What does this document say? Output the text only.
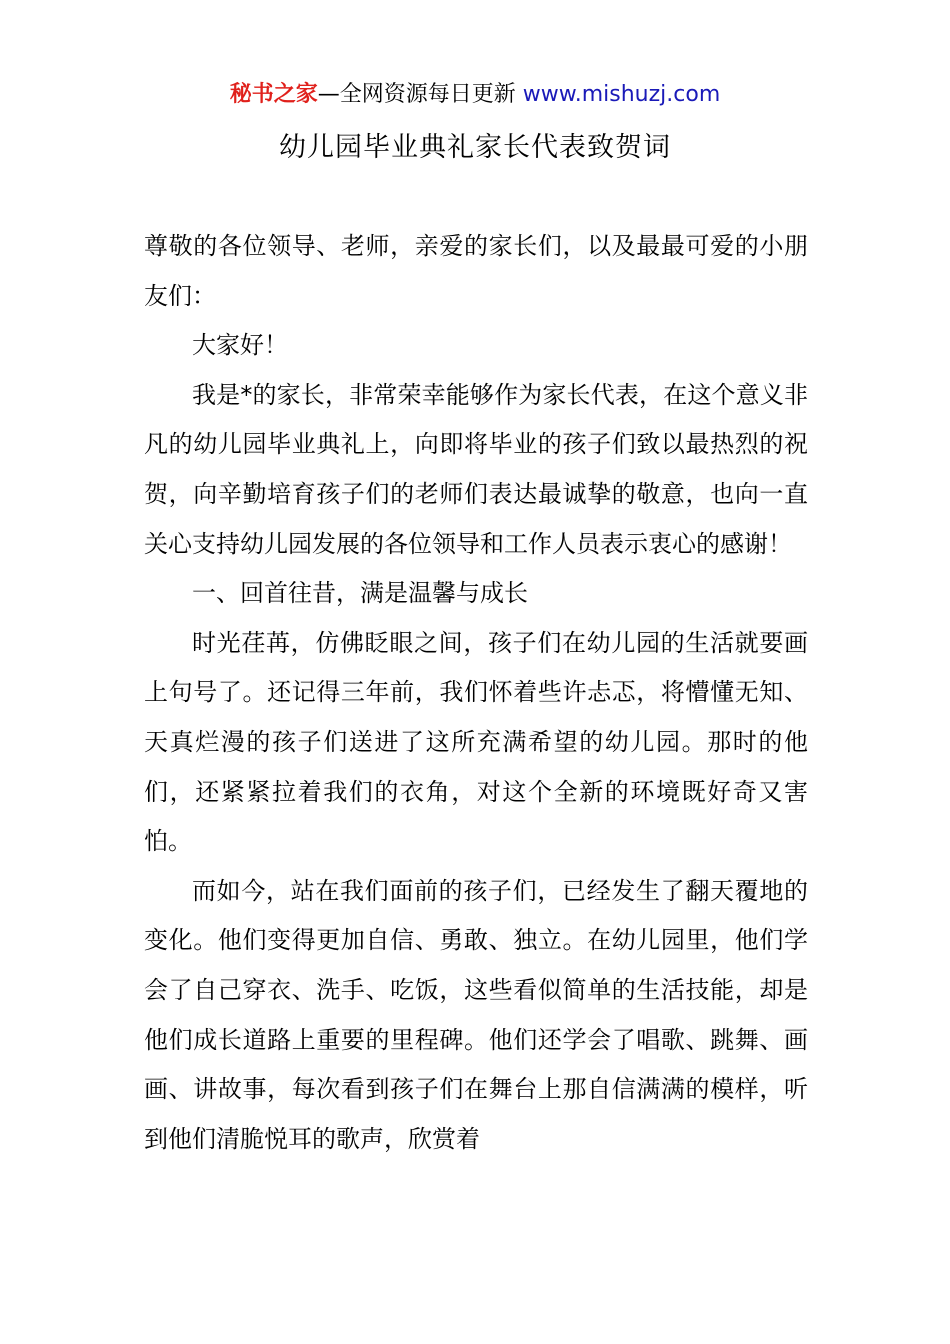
秘书之家—全网资源每日更新 www.mishuzj.com
幼儿园毕业典礼家长代表致贺词

尊敬的各位领导、老师，亲爱的家长们，以及最最可爱的小朋友们：

大家好！

我是*的家长，非常荣幸能够作为家长代表，在这个意义非凡的幼儿园毕业典礼上，向即将毕业的孩子们致以最热烈的祝贺，向辛勤培育孩子们的老师们表达最诚挚的敬意，也向一直关心支持幼儿园发展的各位领导和工作人员表示衷心的感谢！

一、回首往昔，满是温馨与成长

时光荏苒，仿佛眨眼之间，孩子们在幼儿园的生活就要画上句号了。还记得三年前，我们怀着些许忐忑，将懵懂无知、天真烂漫的孩子们送进了这所充满希望的幼儿园。那时的他们，还紧紧拉着我们的衣角，对这个全新的环境既好奇又害怕。

而如今，站在我们面前的孩子们，已经发生了翻天覆地的变化。他们变得更加自信、勇敢、独立。在幼儿园里，他们学会了自己穿衣、洗手、吃饭，这些看似简单的生活技能，却是他们成长道路上重要的里程碑。他们还学会了唱歌、跳舞、画画、讲故事，每次看到孩子们在舞台上那自信满满的模样，听到他们清脆悦耳的歌声，欣赏着
